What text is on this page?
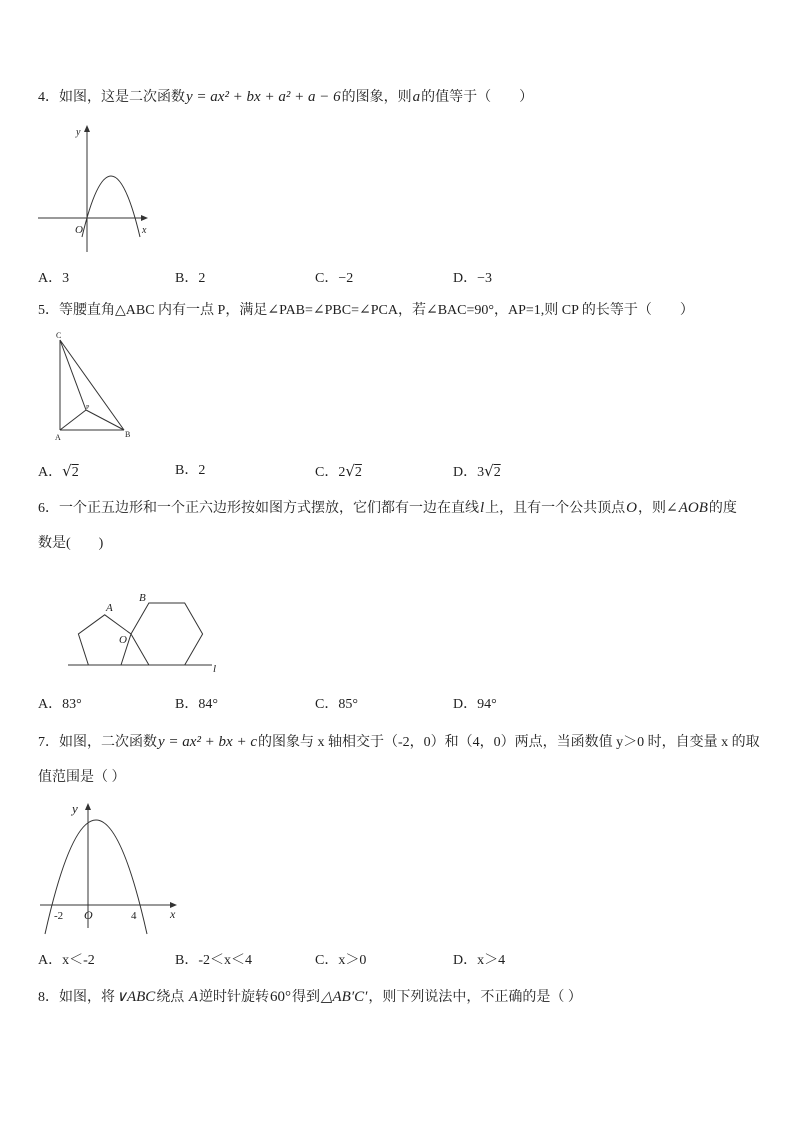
4．如图，这是二次函数y = ax² + bx + a² + a − 6的图象，则a的值等于（　　）
y
O	x
A．3	B．2	C．−2	D．−3
5．等腰直角△ABC 内有一点 P，满足∠PAB=∠PBC=∠PCA，若∠BAC=90°，AP=1,则 CP 的长等于（　　）
C
A	B
P
A．√2	B．2	C．2√2	D．3√2
6．一个正五边形和一个正六边形按如图方式摆放，它们都有一边在直线l上，且有一个公共顶点O，则∠AOB的度
数是(　　)
A
B
O
l
A．83°	B．84°	C．85°	D．94°
7．如图，二次函数y = ax² + bx + c的图象与 x 轴相交于（-2，0）和（4，0）两点，当函数值 y＞0 时，自变量 x 的取
值范围是（ ）
y
x
O
-2	4
A．x＜-2	B．-2＜x＜4	C．x＞0	D．x＞4
8．如图，将∨ABC绕点 A逆时针旋转60°得到△AB′C′，则下列说法中，不正确的是（ ）
